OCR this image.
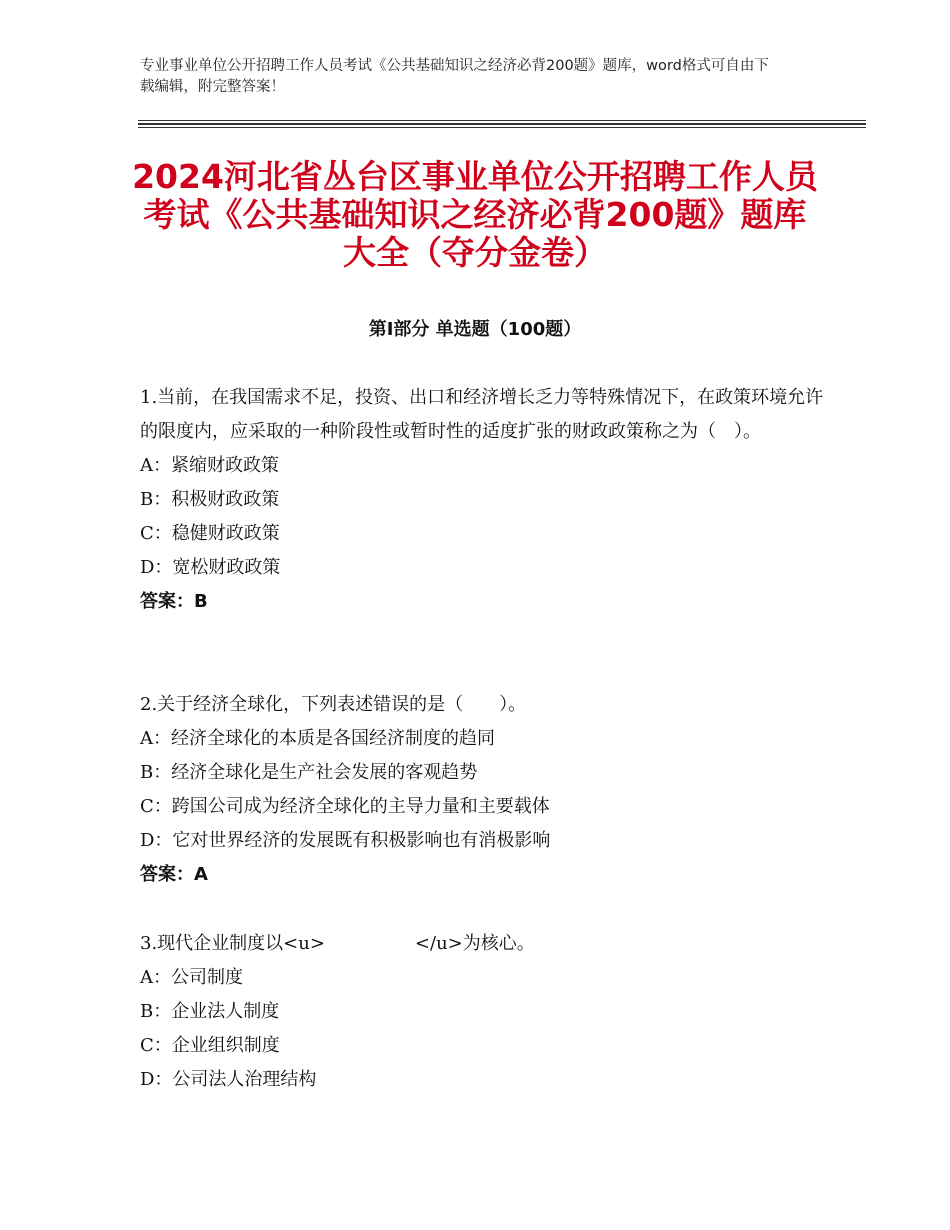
专业事业单位公开招聘工作人员考试《公共基础知识之经济必背200题》题库，word格式可自由下载编辑，附完整答案！
2024河北省丛台区事业单位公开招聘工作人员考试《公共基础知识之经济必背200题》题库大全（夺分金卷）
第Ⅰ部分 单选题（100题）
1.当前，在我国需求不足，投资、出口和经济增长乏力等特殊情况下，在政策环境允许的限度内，应采取的一种阶段性或暂时性的适度扩张的财政政策称之为（　）。
A：紧缩财政政策
B：积极财政政策
C：稳健财政政策
D：宽松财政政策
答案：B
2.关于经济全球化，下列表述错误的是（　　）。
A：经济全球化的本质是各国经济制度的趋同
B：经济全球化是生产社会发展的客观趋势
C：跨国公司成为经济全球化的主导力量和主要载体
D：它对世界经济的发展既有积极影响也有消极影响
答案：A
3.现代企业制度以<u>　　　　　</u>为核心。
A：公司制度
B：企业法人制度
C：企业组织制度
D：公司法人治理结构
